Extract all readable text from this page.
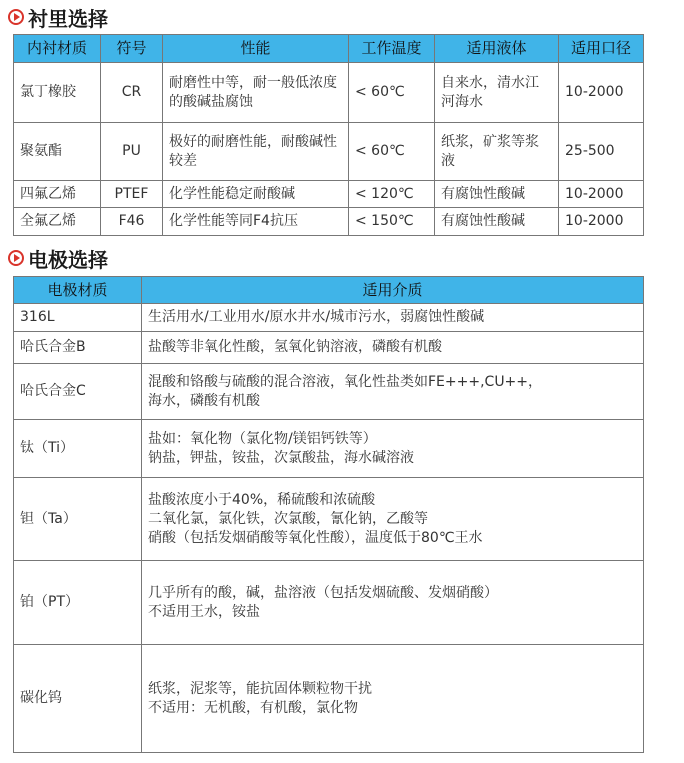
衬里选择
内衬材质	符号	性能	工作温度	适用液体	适用口径
氯丁橡胶	CR	耐磨性中等，耐一般低浓度的酸碱盐腐蚀	< 60℃	自来水，清水江河海水	10-2000
聚氨酯	PU	极好的耐磨性能，耐酸碱性较差	< 60℃	纸浆，矿浆等浆液	25-500
四氟乙烯	PTEF	化学性能稳定耐酸碱	< 120℃	有腐蚀性酸碱	10-2000
全氟乙烯	F46	化学性能等同F4抗压	< 150℃	有腐蚀性酸碱	10-2000
电极选择
电极材质	适用介质
316L	生活用水/工业用水/原水井水/城市污水，弱腐蚀性酸碱

哈氏合金B	盐酸等非氧化性酸，氢氧化钠溶液，磷酸有机酸

哈氏合金C	混酸和铬酸与硫酸的混合溶液，氧化性盐类如FE+++,CU++，
海水，磷酸有机酸

钛（Ti）	盐如：氧化物（氯化物/镁铝钙铁等）
钠盐，钾盐，铵盐，次氯酸盐，海水碱溶液

钽（Ta）	盐酸浓度小于40%，稀硫酸和浓硫酸
二氧化氯，氯化铁，次氯酸，氰化钠，乙酸等
硝酸（包括发烟硝酸等氧化性酸），温度低于80℃王水

铂（PT）	几乎所有的酸，碱，盐溶液（包括发烟硫酸、发烟硝酸）
不适用王水，铵盐

碳化钨	纸浆，泥浆等，能抗固体颗粒物干扰
不适用：无机酸，有机酸，氯化物
